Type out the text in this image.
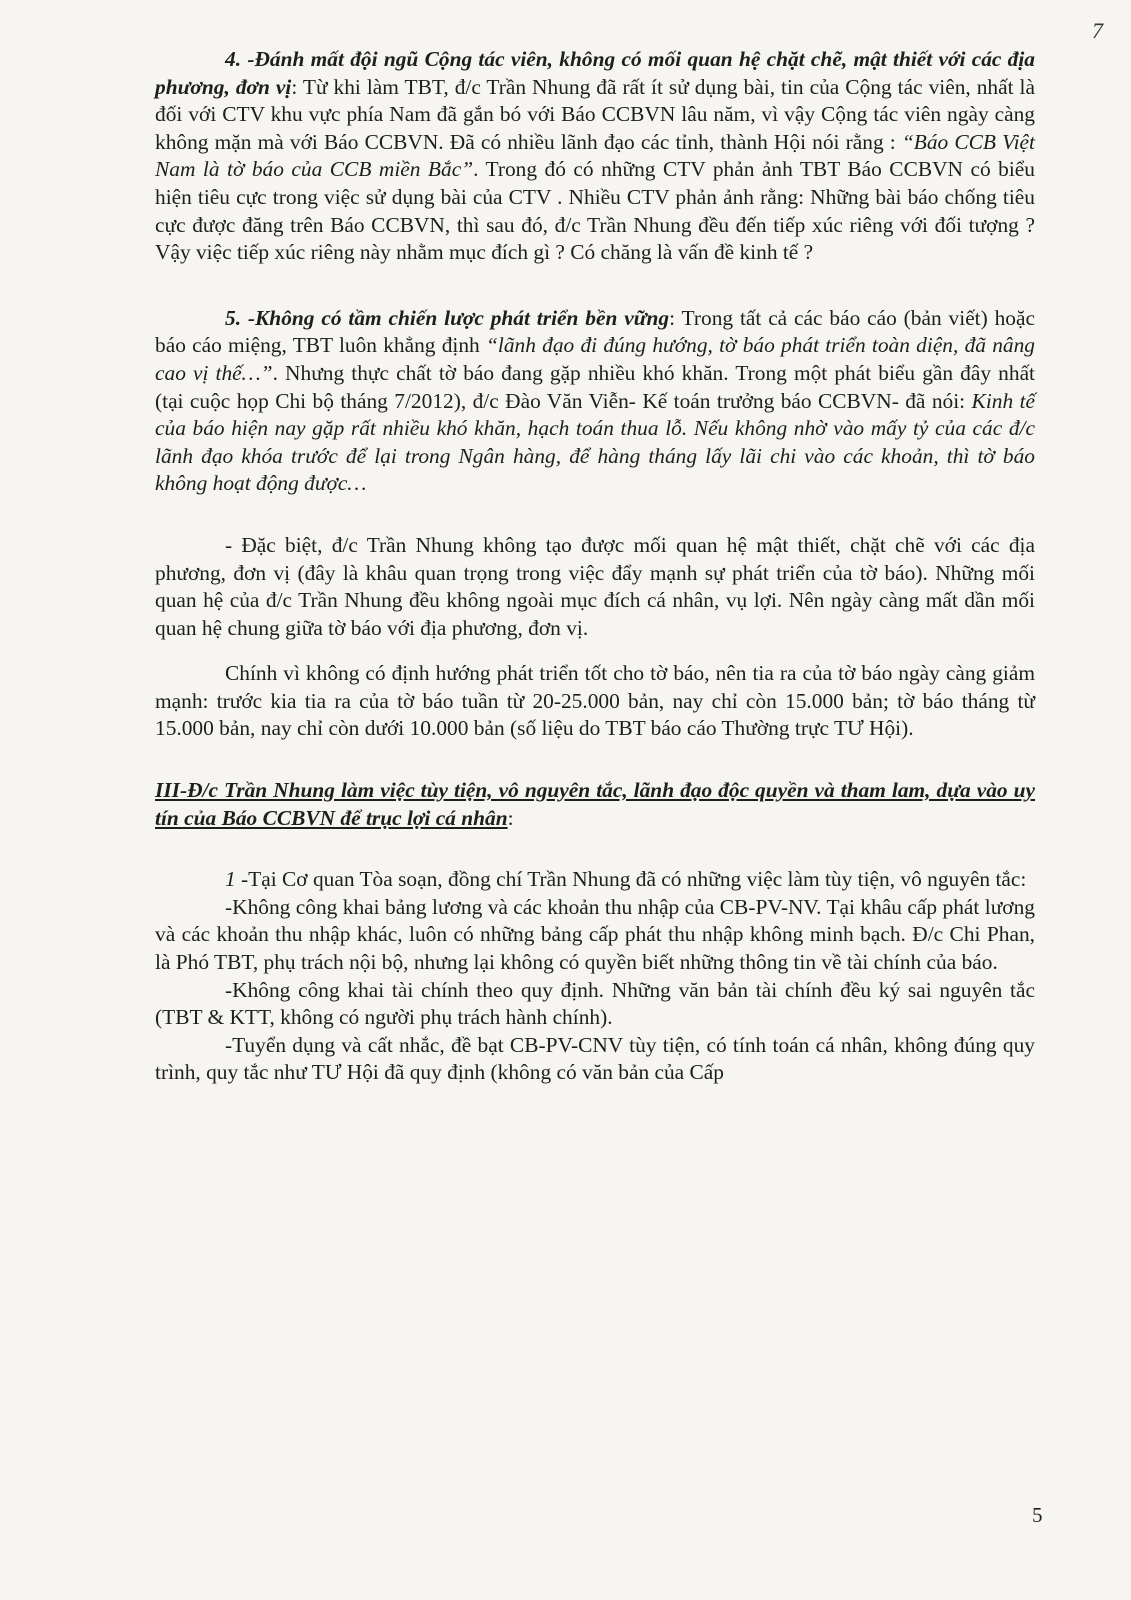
7

4. -Đánh mất đội ngũ Cộng tác viên, không có mối quan hệ chặt chẽ, mật thiết với các địa phương, đơn vị: Từ khi làm TBT, đ/c Trần Nhung đã rất ít sử dụng bài, tin của Cộng tác viên, nhất là đối với CTV khu vực phía Nam đã gắn bó với Báo CCBVN lâu năm, vì vậy Cộng tác viên ngày càng không mặn mà với Báo CCBVN. Đã có nhiều lãnh đạo các tỉnh, thành Hội nói rằng : “Báo CCB Việt Nam là tờ báo của CCB miền Bắc”. Trong đó có những CTV phản ảnh TBT Báo CCBVN có biểu hiện tiêu cực trong việc sử dụng bài của CTV . Nhiều CTV phản ảnh rằng: Những bài báo chống tiêu cực được đăng trên Báo CCBVN, thì sau đó, đ/c Trần Nhung đều đến tiếp xúc riêng với đối tượng ? Vậy việc tiếp xúc riêng này nhằm mục đích gì ? Có chăng là vấn đề kinh tế ?

5. -Không có tầm chiến lược phát triển bền vững: Trong tất cả các báo cáo (bản viết) hoặc báo cáo miệng, TBT luôn khẳng định “lãnh đạo đi đúng hướng, tờ báo phát triển toàn diện, đã nâng cao vị thế…”. Nhưng thực chất tờ báo đang gặp nhiều khó khăn. Trong một phát biểu gần đây nhất (tại cuộc họp Chi bộ tháng 7/2012), đ/c Đào Văn Viễn- Kế toán trưởng báo CCBVN- đã nói: Kinh tế của báo hiện nay gặp rất nhiều khó khăn, hạch toán thua lỗ. Nếu không nhờ vào mấy tỷ của các đ/c lãnh đạo khóa trước để lại trong Ngân hàng, để hàng tháng lấy lãi chi vào các khoản, thì tờ báo không hoạt động được…

- Đặc biệt, đ/c Trần Nhung không tạo được mối quan hệ mật thiết, chặt chẽ với các địa phương, đơn vị (đây là khâu quan trọng trong việc đẩy mạnh sự phát triển của tờ báo). Những mối quan hệ của đ/c Trần Nhung đều không ngoài mục đích cá nhân, vụ lợi. Nên ngày càng mất dần mối quan hệ chung giữa tờ báo với địa phương, đơn vị.

Chính vì không có định hướng phát triển tốt cho tờ báo, nên tia ra của tờ báo ngày càng giảm mạnh: trước kia tia ra của tờ báo tuần từ 20-25.000 bản, nay chỉ còn 15.000 bản; tờ báo tháng từ 15.000 bản, nay chỉ còn dưới 10.000 bản (số liệu do TBT báo cáo Thường trực TƯ Hội).

III-Đ/c Trần Nhung làm việc tùy tiện, vô nguyên tắc, lãnh đạo độc quyền và tham lam, dựa vào uy tín của Báo CCBVN để trục lợi cá nhân:

1 -Tại Cơ quan Tòa soạn, đồng chí Trần Nhung đã có những việc làm tùy tiện, vô nguyên tắc:

-Không công khai bảng lương và các khoản thu nhập của CB-PV-NV. Tại khâu cấp phát lương và các khoản thu nhập khác, luôn có những bảng cấp phát thu nhập không minh bạch. Đ/c Chi Phan, là Phó TBT, phụ trách nội bộ, nhưng lại không có quyền biết những thông tin về tài chính của báo.

-Không công khai tài chính theo quy định. Những văn bản tài chính đều ký sai nguyên tắc (TBT & KTT, không có người phụ trách hành chính).

-Tuyển dụng và cất nhắc, đề bạt CB-PV-CNV tùy tiện, có tính toán cá nhân, không đúng quy trình, quy tắc như TƯ Hội đã quy định (không có văn bản của Cấp

5
